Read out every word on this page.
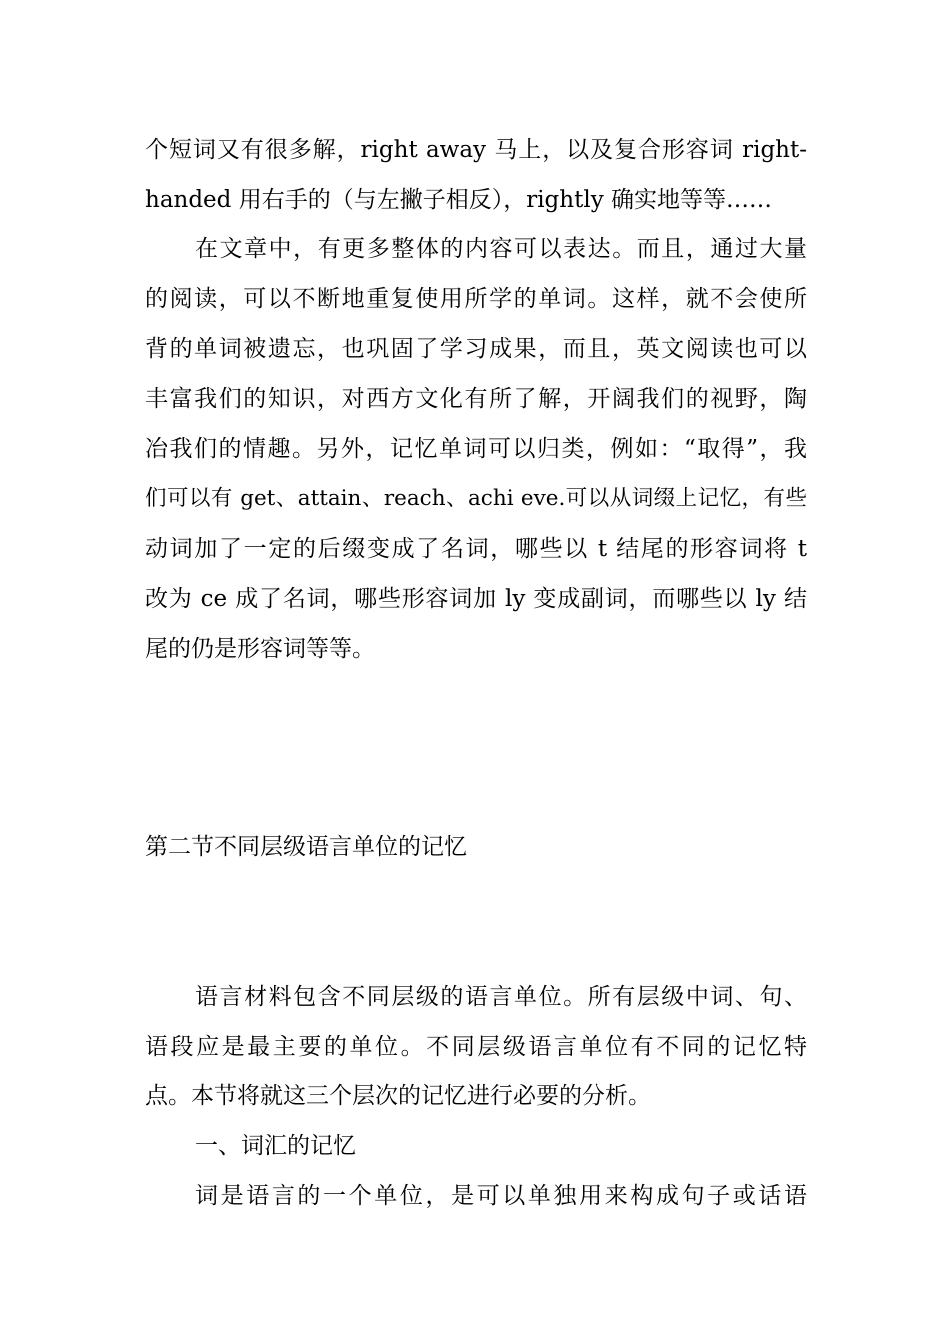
个短词又有很多解，right away 马上，以及复合形容词 right-
handed 用右手的（与左撇子相反），rightly 确实地等等……
在文章中，有更多整体的内容可以表达。而且，通过大量
的阅读，可以不断地重复使用所学的单词。这样，就不会使所
背的单词被遗忘，也巩固了学习成果，而且，英文阅读也可以
丰富我们的知识，对西方文化有所了解，开阔我们的视野，陶
冶我们的情趣。另外，记忆单词可以归类，例如：“取得”，我
们可以有 get、attain、reach、achi eve.可以从词缀上记忆，有些
动词加了一定的后缀变成了名词，哪些以 t 结尾的形容词将 t
改为 ce 成了名词，哪些形容词加 ly 变成副词，而哪些以 ly 结
尾的仍是形容词等等。
第二节不同层级语言单位的记忆
语言材料包含不同层级的语言单位。所有层级中词、句、
语段应是最主要的单位。不同层级语言单位有不同的记忆特
点。本节将就这三个层次的记忆进行必要的分析。
一、词汇的记忆
词是语言的一个单位，是可以单独用来构成句子或话语
